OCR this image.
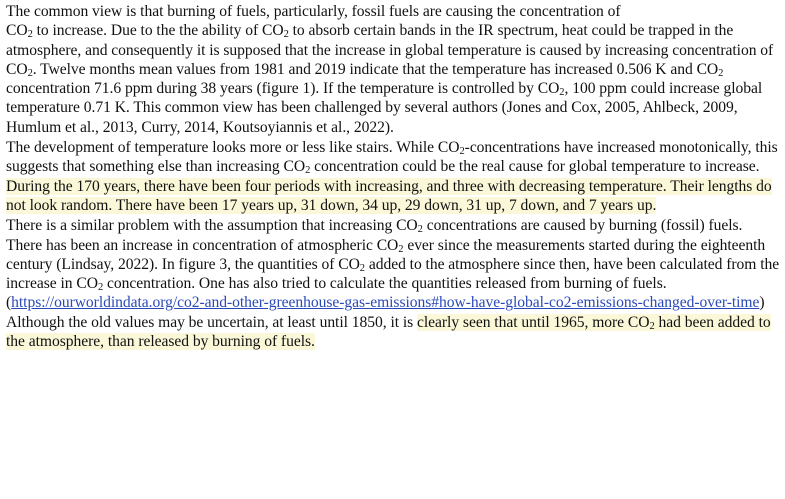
The common view is that burning of fuels, particularly, fossil fuels are causing the concentration of
$CO_2$ to increase. Due to the the ability of $CO_2$ to absorb certain bands in the IR spectrum, heat could be trapped in the atmosphere, and consequently it is supposed that the increase in global temperature is caused by increasing concentration of $CO_2$. Twelve months mean values from 1981 and 2019 indicate that the temperature has increased 0.506 K and $CO_2$ concentration 71.6 ppm during 38 years (figure 1). If the temperature is controlled by $CO_2$, 100 ppm could increase global temperature 0.71 K. This common view has been challenged by several authors (Jones and Cox, 2005, Ahlbeck, 2009, Humlum et al., 2013, Curry, 2014, Koutsoyiannis et al., 2022).

The development of temperature looks more or less like stairs. While $CO_2$-concentrations have increased monotonically, this suggests that something else than increasing $CO_2$ concentration could be the real cause for global temperature to increase. During the 170 years, there have been four periods with increasing, and three with decreasing temperature. Their lengths do not look random. There have been 17 years up, 31 down, 34 up, 29 down, 31 up, 7 down, and 7 years up.

There is a similar problem with the assumption that increasing $CO_2$ concentrations are caused by burning (fossil) fuels. There has been an increase in concentration of atmospheric $CO_2$ ever since the measurements started during the eighteenth century (Lindsay, 2022). In figure 3, the quantities of $CO_2$ added to the atmosphere since then, have been calculated from the increase in $CO_2$ concentration. One has also tried to calculate the quantities released from burning of fuels. (https://ourworldindata.org/co2-and-other-greenhouse-gas-emissions#how-have-global-co2-emissions-changed-over-time) Although the old values may be uncertain, at least until 1850, it is clearly seen that until 1965, more $CO_2$ had been added to the atmosphere, than released by burning of fuels.
